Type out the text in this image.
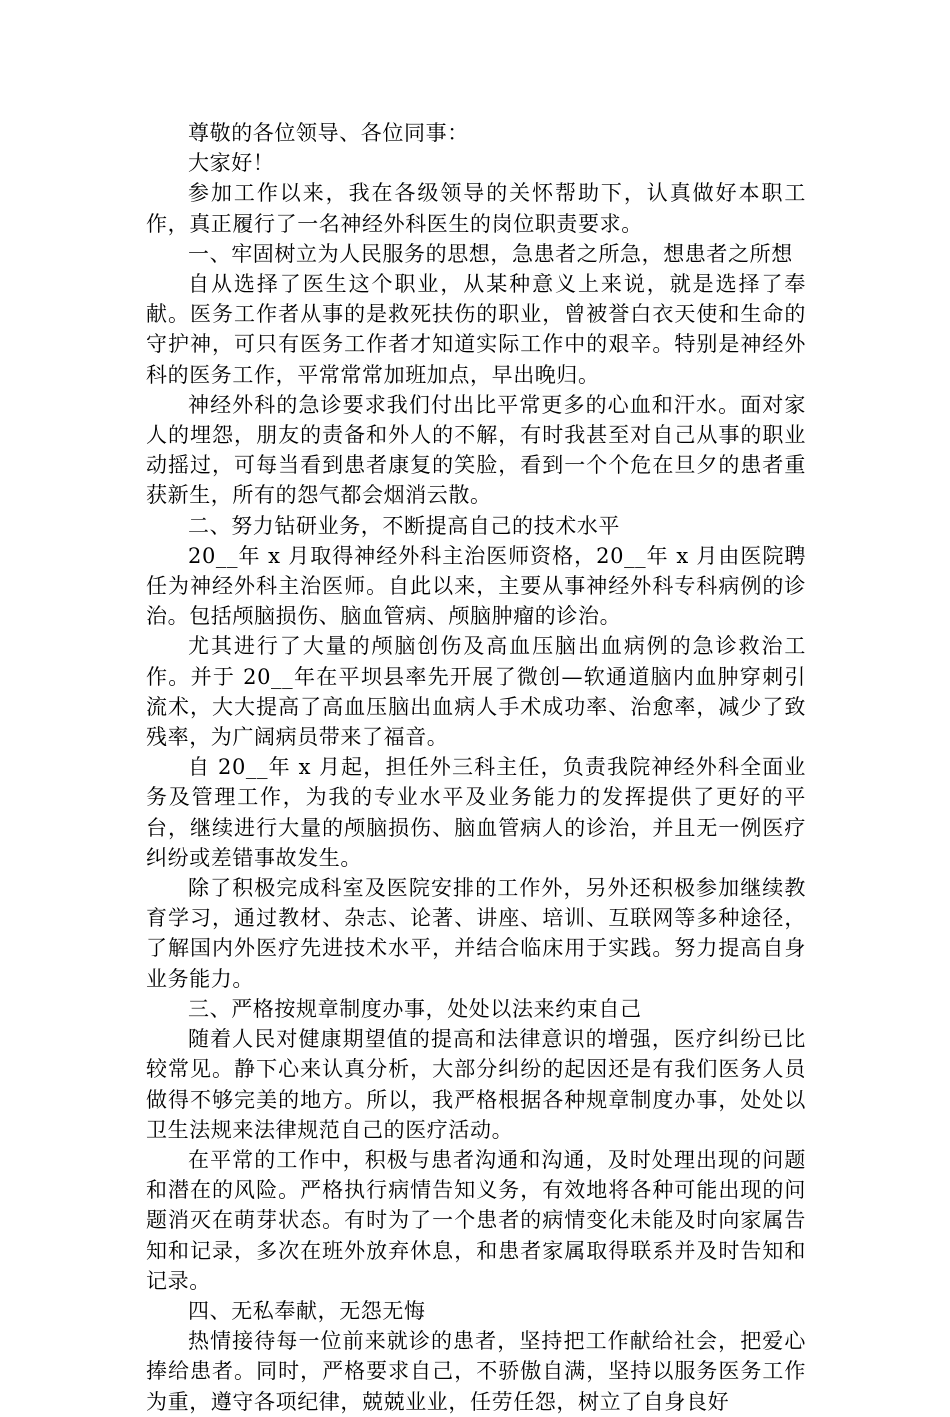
尊敬的各位领导、各位同事：

大家好！

参加工作以来，我在各级领导的关怀帮助下，认真做好本职工作，真正履行了一名神经外科医生的岗位职责要求。

一、牢固树立为人民服务的思想，急患者之所急，想患者之所想

自从选择了医生这个职业，从某种意义上来说，就是选择了奉献。医务工作者从事的是救死扶伤的职业，曾被誉白衣天使和生命的守护神，可只有医务工作者才知道实际工作中的艰辛。特别是神经外科的医务工作，平常常常加班加点，早出晚归。

神经外科的急诊要求我们付出比平常更多的心血和汗水。面对家人的埋怨，朋友的责备和外人的不解，有时我甚至对自己从事的职业动摇过，可每当看到患者康复的笑脸，看到一个个危在旦夕的患者重获新生，所有的怨气都会烟消云散。

二、努力钻研业务，不断提高自己的技术水平

20__年 x 月取得神经外科主治医师资格，20__年 x 月由医院聘任为神经外科主治医师。自此以来，主要从事神经外科专科病例的诊治。包括颅脑损伤、脑血管病、颅脑肿瘤的诊治。

尤其进行了大量的颅脑创伤及高血压脑出血病例的急诊救治工作。并于 20__年在平坝县率先开展了微创—软通道脑内血肿穿刺引流术，大大提高了高血压脑出血病人手术成功率、治愈率，减少了致残率，为广阔病员带来了福音。

自 20__年 x 月起，担任外三科主任，负责我院神经外科全面业务及管理工作，为我的专业水平及业务能力的发挥提供了更好的平台，继续进行大量的颅脑损伤、脑血管病人的诊治，并且无一例医疗纠纷或差错事故发生。

除了积极完成科室及医院安排的工作外，另外还积极参加继续教育学习，通过教材、杂志、论著、讲座、培训、互联网等多种途径，了解国内外医疗先进技术水平，并结合临床用于实践。努力提高自身业务能力。

三、严格按规章制度办事，处处以法来约束自己

随着人民对健康期望值的提高和法律意识的增强，医疗纠纷已比较常见。静下心来认真分析，大部分纠纷的起因还是有我们医务人员做得不够完美的地方。所以，我严格根据各种规章制度办事，处处以卫生法规来法律规范自己的医疗活动。

在平常的工作中，积极与患者沟通和沟通，及时处理出现的问题和潜在的风险。严格执行病情告知义务，有效地将各种可能出现的问题消灭在萌芽状态。有时为了一个患者的病情变化未能及时向家属告知和记录，多次在班外放弃休息，和患者家属取得联系并及时告知和记录。

四、无私奉献，无怨无悔

热情接待每一位前来就诊的患者，坚持把工作献给社会，把爱心捧给患者。同时，严格要求自己，不骄傲自满，坚持以服务医务工作为重，遵守各项纪律，兢兢业业，任劳任怨，树立了自身良好
